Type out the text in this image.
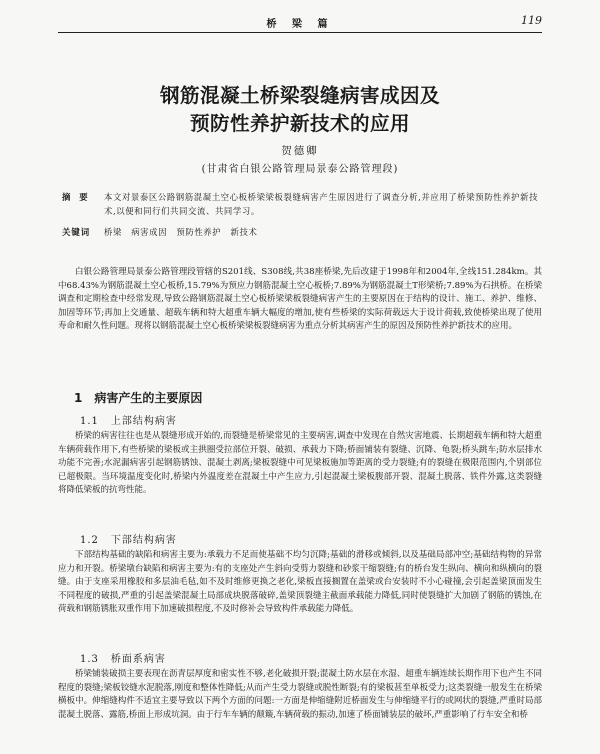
桥 梁 篇	119
钢筋混凝土桥梁裂缝病害成因及
预防性养护新技术的应用
贺德卿
(甘肃省白银公路管理局景泰公路管理段)
摘 要	本文对景泰区公路钢筋混凝土空心板桥梁梁板裂缝病害产生原因进行了调查分析,并应用了桥梁预防性养护新技术,以便和同行们共同交流、共同学习。
关键词	桥梁 病害成因 预防性养护 新技术

白银公路管理局景泰公路管理段管辖的S201线、S308线,共38座桥梁,先后改建于1998年和2004年,全线151.284km。其中68.43%为钢筋混凝土空心板桥,15.79%为预应力钢筋混凝土空心板桥;7.89%为钢筋混凝土T形梁桥;7.89%为石拱桥。在桥梁调查和定期检查中经常发现,导致公路钢筋混凝土空心板桥梁梁板裂缝病害产生的主要原因在于结构的设计、施工、养护、维修、加固等环节;再加上交通量、超载车辆和特大超重车辆大幅度的增加,使有些桥梁的实际荷载远大于设计荷载,致使桥梁出现了使用寿命和耐久性问题。现将以钢筋混凝土空心板桥梁梁板裂缝病害为重点分析其病害产生的原因及预防性养护新技术的应用。

1 病害产生的主要原因
1.1 上部结构病害

桥梁的病害往往也是从裂缝形成开始的,而裂缝是桥梁常见的主要病害,调查中发现在自然灾害地震、长期超载车辆和特大超重车辆荷载作用下,有些桥梁的梁板或主拱圈受拉部位开裂、破损、承载力下降;桥面铺装有裂缝、沉降、龟裂;桥头跳车;防水层排水功能不完善;水泥漏病害引起钢筋锈蚀、混凝土剥离;梁板裂缝中可见梁板施加等距离的受力裂缝;有的裂缝在极限范围内,个别部位已超极限。当环境温度变化时,桥梁内外温度差在混凝土中产生应力,引起混凝土梁板腹部开裂、混凝土脱落、铁件外露,这类裂缝将降低梁板的抗弯性能。

1.2 下部结构病害

下部结构基础的缺陷和病害主要为:承载力不足而使基础不均匀沉降;基础的滑移或倾斜,以及基础局部冲空;基础结构物的异常应力和开裂。桥梁墩台缺陷和病害主要为:有的支座处产生斜向受剪力裂缝和砂浆干缩裂缝;有的桥台发生纵向、横向和纵横向的裂缝。由于支座采用橡胶和多层油毛毡,如不及时维修更换之老化,梁板直接搁置在盖梁或台安装时不小心碰撞,会引起盖梁顶面发生不同程度的破损,严重的引起盖梁混凝土局部成块脱落破碎,盖梁顶裂缝主截面承载能力降低,同时使裂缝扩大加剧了钢筋的锈蚀,在荷载和钢筋锈胀双重作用下加速破损程度,不及时修补会导致构件承载能力降低。

1.3 桥面系病害

桥梁铺装破损主要表现在沥青层厚度和密实性不够,老化破损开裂;混凝土防水层在水湿、超重车辆连续长期作用下也产生不同程度的裂缝;梁板铰缝水泥脱落,刚度和整体性降低;从而产生受力裂缝或脱性断裂;有的梁板甚至单板受力;这类裂缝一般发生在桥梁横板中。伸缩缝构件不适宜主要导致以下两个方面的问题:一方面是伸缩缝附近桥面发生与伸缩缝平行的或网状的裂缝,严重时局部混凝土脱落、露筋,桥面上形成坑洞。由于行车车辆的颠簸,车辆荷载的振动,加速了桥面铺装层的破坏,严重影响了行车安全和桥
